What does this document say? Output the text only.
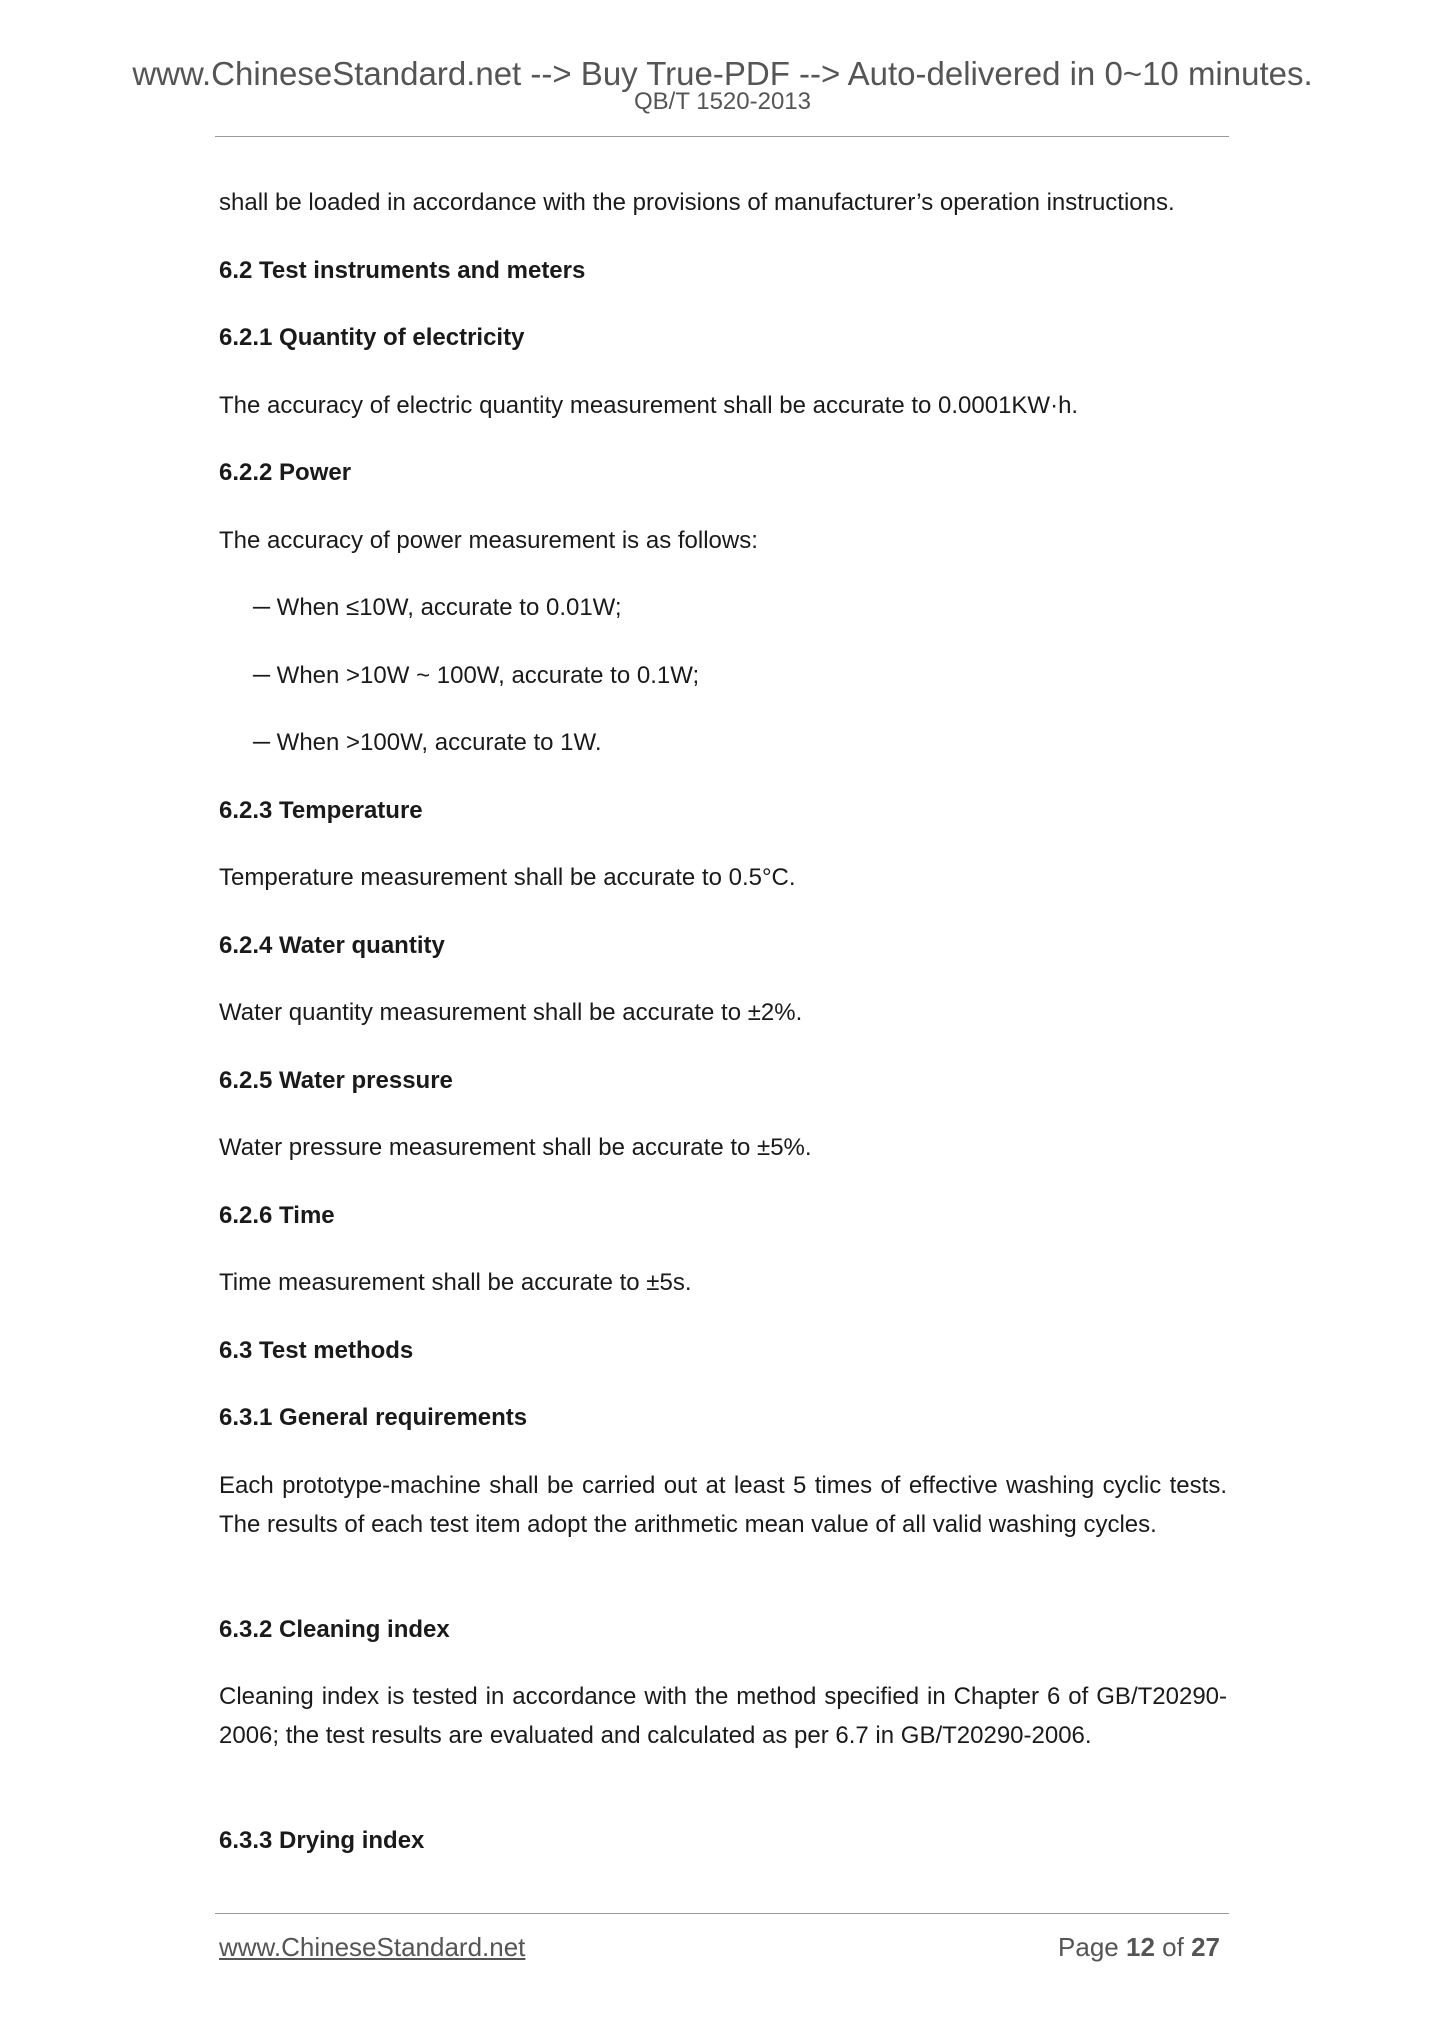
www.ChineseStandard.net --> Buy True-PDF --> Auto-delivered in 0~10 minutes.
QB/T 1520-2013
shall be loaded in accordance with the provisions of manufacturer’s operation instructions.
6.2 Test instruments and meters
6.2.1 Quantity of electricity
The accuracy of electric quantity measurement shall be accurate to 0.0001KW·h.
6.2.2 Power
The accuracy of power measurement is as follows:
─ When ≤10W, accurate to 0.01W;
─ When >10W ~ 100W, accurate to 0.1W;
─ When >100W, accurate to 1W.
6.2.3 Temperature
Temperature measurement shall be accurate to 0.5°C.
6.2.4 Water quantity
Water quantity measurement shall be accurate to ±2%.
6.2.5 Water pressure
Water pressure measurement shall be accurate to ±5%.
6.2.6 Time
Time measurement shall be accurate to ±5s.
6.3 Test methods
6.3.1 General requirements
Each prototype-machine shall be carried out at least 5 times of effective washing cyclic tests. The results of each test item adopt the arithmetic mean value of all valid washing cycles.
6.3.2 Cleaning index
Cleaning index is tested in accordance with the method specified in Chapter 6 of GB/T20290-2006; the test results are evaluated and calculated as per 6.7 in GB/T20290-2006.
6.3.3 Drying index
www.ChineseStandard.net	Page 12 of 27
